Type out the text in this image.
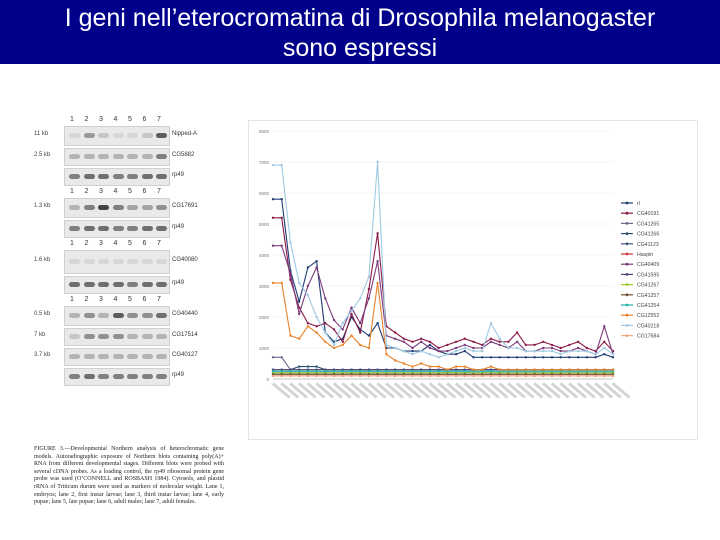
I geni nell’eterocromatina di Drosophila melanogaster
sono espressi
1 2 3 4 5 6 7
11 kb	Nipped-A
2.5 kb	CG5882
rp49
1 2 3 4 5 6 7
1.3 kb	CG17691
rp49
1 2 3 4 5 6 7
1.6 kb	CG40080
rp49
1 2 3 4 5 6 7
0.5 kb	CG40440
7 kb	CG17514
3.7 kb	CG40127
rp49
FIGURE 3.—Developmental Northern analysis of heterochromatic gene models. Autoradiographic exposure of Northern blots containing poly(A)+ RNA from different developmental stages. Different blots were probed with several cDNA probes. As a loading control, the rp49 ribosomal protein gene probe was used (O’CONNELL and ROSBASH 1984). Cytosols, and plastid rRNA of Triticum durum were used as markers of molecular weight. Lane 1, embryos; lane 2, first instar larvae; lane 3, third instar larvae; lane 4, early pupae; lane 5, late pupae; lane 6, adult males; lane 7, adult females.
8000
7000
6000
5000
4000
3000
2000
1000
0
rl
CG40191
CG41265
CG41266
CG41123
Haspin
CG40409
CG41595
CG41267
CG41257
CG41254
CG12552
CG40218
CG17684
